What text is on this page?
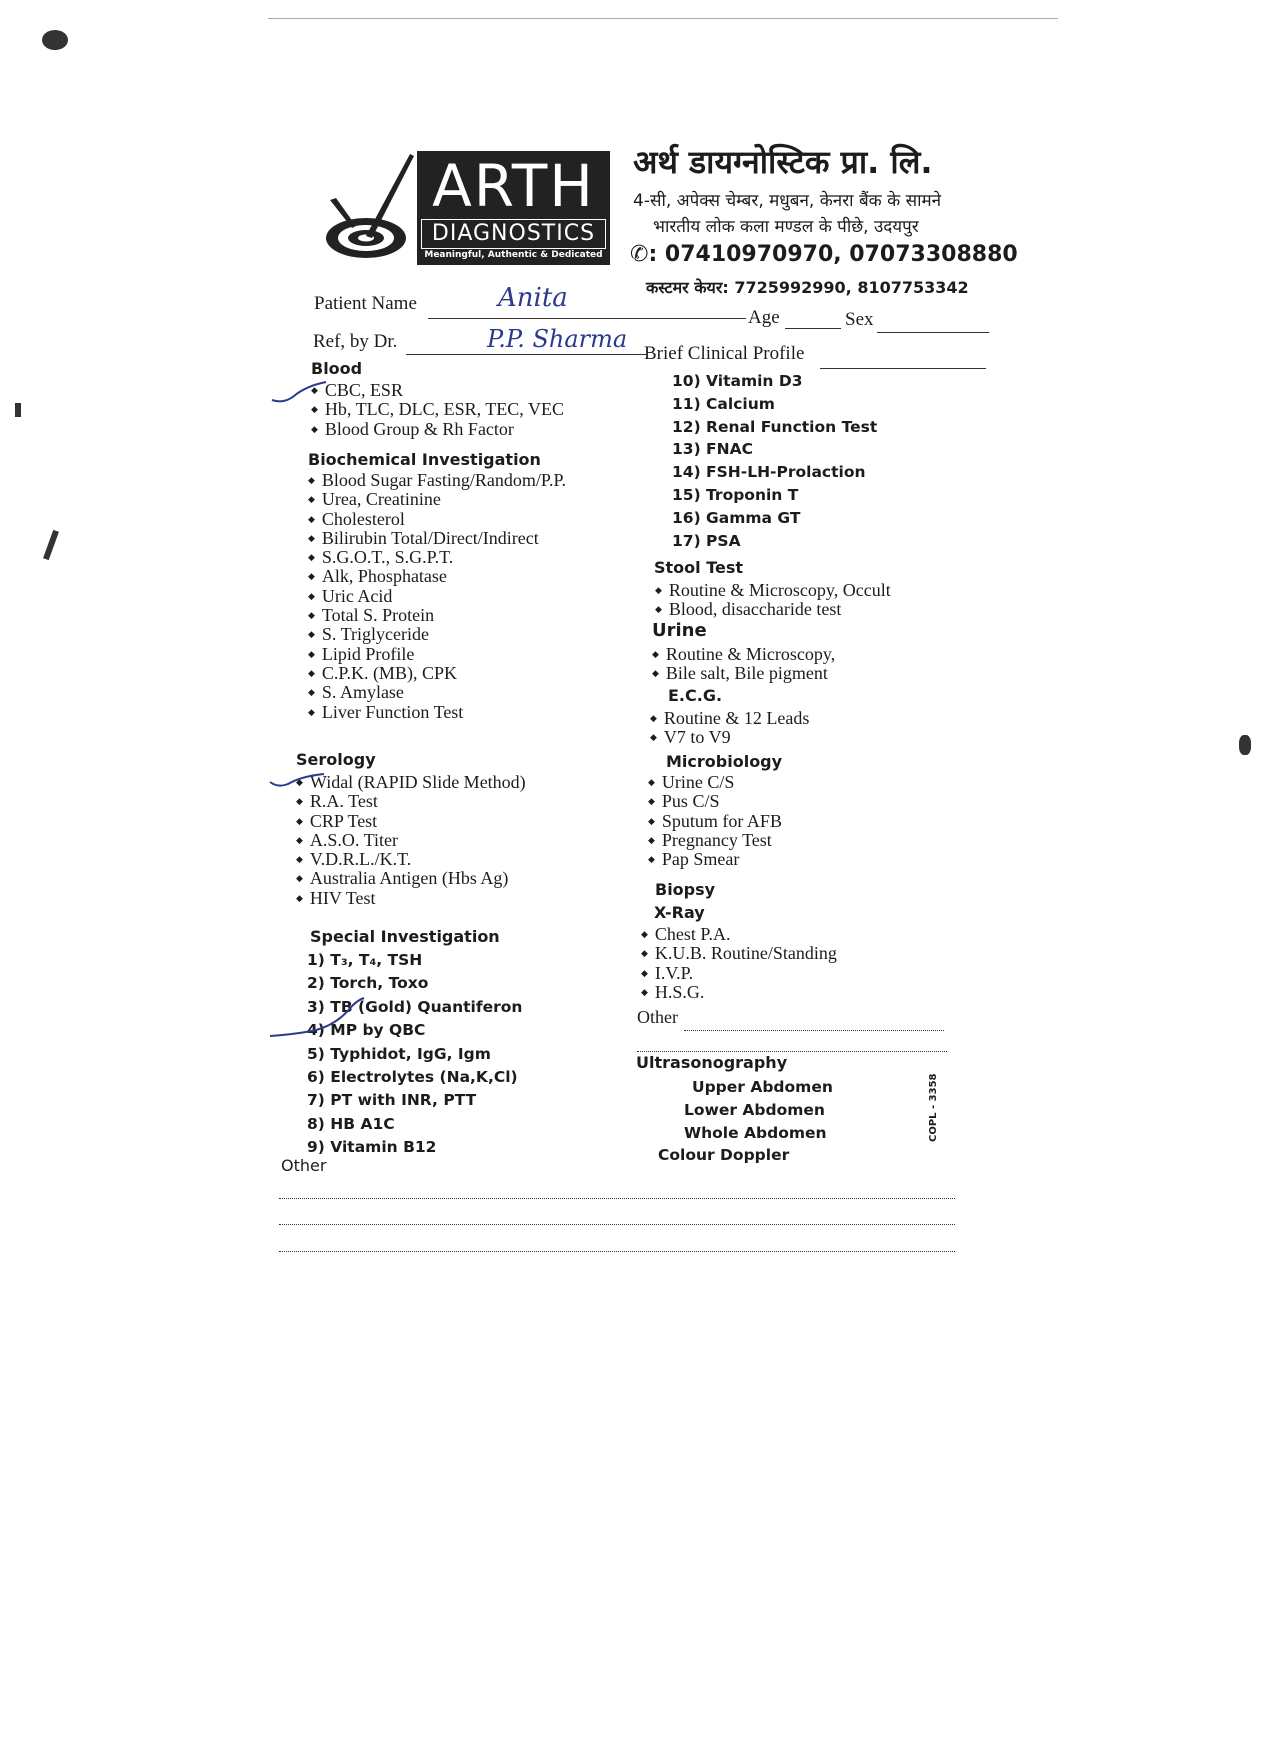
ARTH
DIAGNOSTICS
Meaningful, Authentic & Dedicated
अर्थ डायग्नोस्टिक प्रा. लि.
4-सी, अपेक्स चेम्बर, मधुबन, केनरा बैंक के सामने
भारतीय लोक कला मण्डल के पीछे, उदयपुर
✆: 07410970970, 07073308880
कस्टमर केयर: 7725992990, 8107753342
Patient Name	Anita
Age	Sex
Ref, by Dr.	P.P. Sharma
Brief Clinical Profile
Blood
◆ CBC, ESR
◆ Hb, TLC, DLC, ESR, TEC, VEC
◆ Blood Group & Rh Factor
Biochemical Investigation
◆ Blood Sugar Fasting/Random/P.P.
◆ Urea, Creatinine
◆ Cholesterol
◆ Bilirubin Total/Direct/Indirect
◆ S.G.O.T., S.G.P.T.
◆ Alk, Phosphatase
◆ Uric Acid
◆ Total S. Protein
◆ S. Triglyceride
◆ Lipid Profile
◆ C.P.K. (MB), CPK
◆ S. Amylase
◆ Liver Function Test
Serology
◆ Widal (RAPID Slide Method)
◆ R.A. Test
◆ CRP Test
◆ A.S.O. Titer
◆ V.D.R.L./K.T.
◆ Australia Antigen (Hbs Ag)
◆ HIV Test
Special Investigation
1) T₃, T₄, TSH
2) Torch, Toxo
3) TB (Gold) Quantiferon
4) MP by QBC
5) Typhidot, IgG, Igm
6) Electrolytes (Na,K,Cl)
7) PT with INR, PTT
8) HB A1C
9) Vitamin B12
Other
10) Vitamin D3
11) Calcium
12) Renal Function Test
13) FNAC
14) FSH-LH-Prolaction
15) Troponin T
16) Gamma GT
17) PSA
Stool Test
◆ Routine & Microscopy, Occult
◆ Blood, disaccharide test
Urine
◆ Routine & Microscopy,
◆ Bile salt, Bile pigment
E.C.G.
◆ Routine & 12 Leads
◆ V7 to V9
Microbiology
◆ Urine C/S
◆ Pus C/S
◆ Sputum for AFB
◆ Pregnancy Test
◆ Pap Smear
Biopsy
X-Ray
◆ Chest P.A.
◆ K.U.B. Routine/Standing
◆ I.V.P.
◆ H.S.G.
Other
Ultrasonography
Upper Abdomen
Lower Abdomen
Whole Abdomen
Colour Doppler
COPL - 3358
